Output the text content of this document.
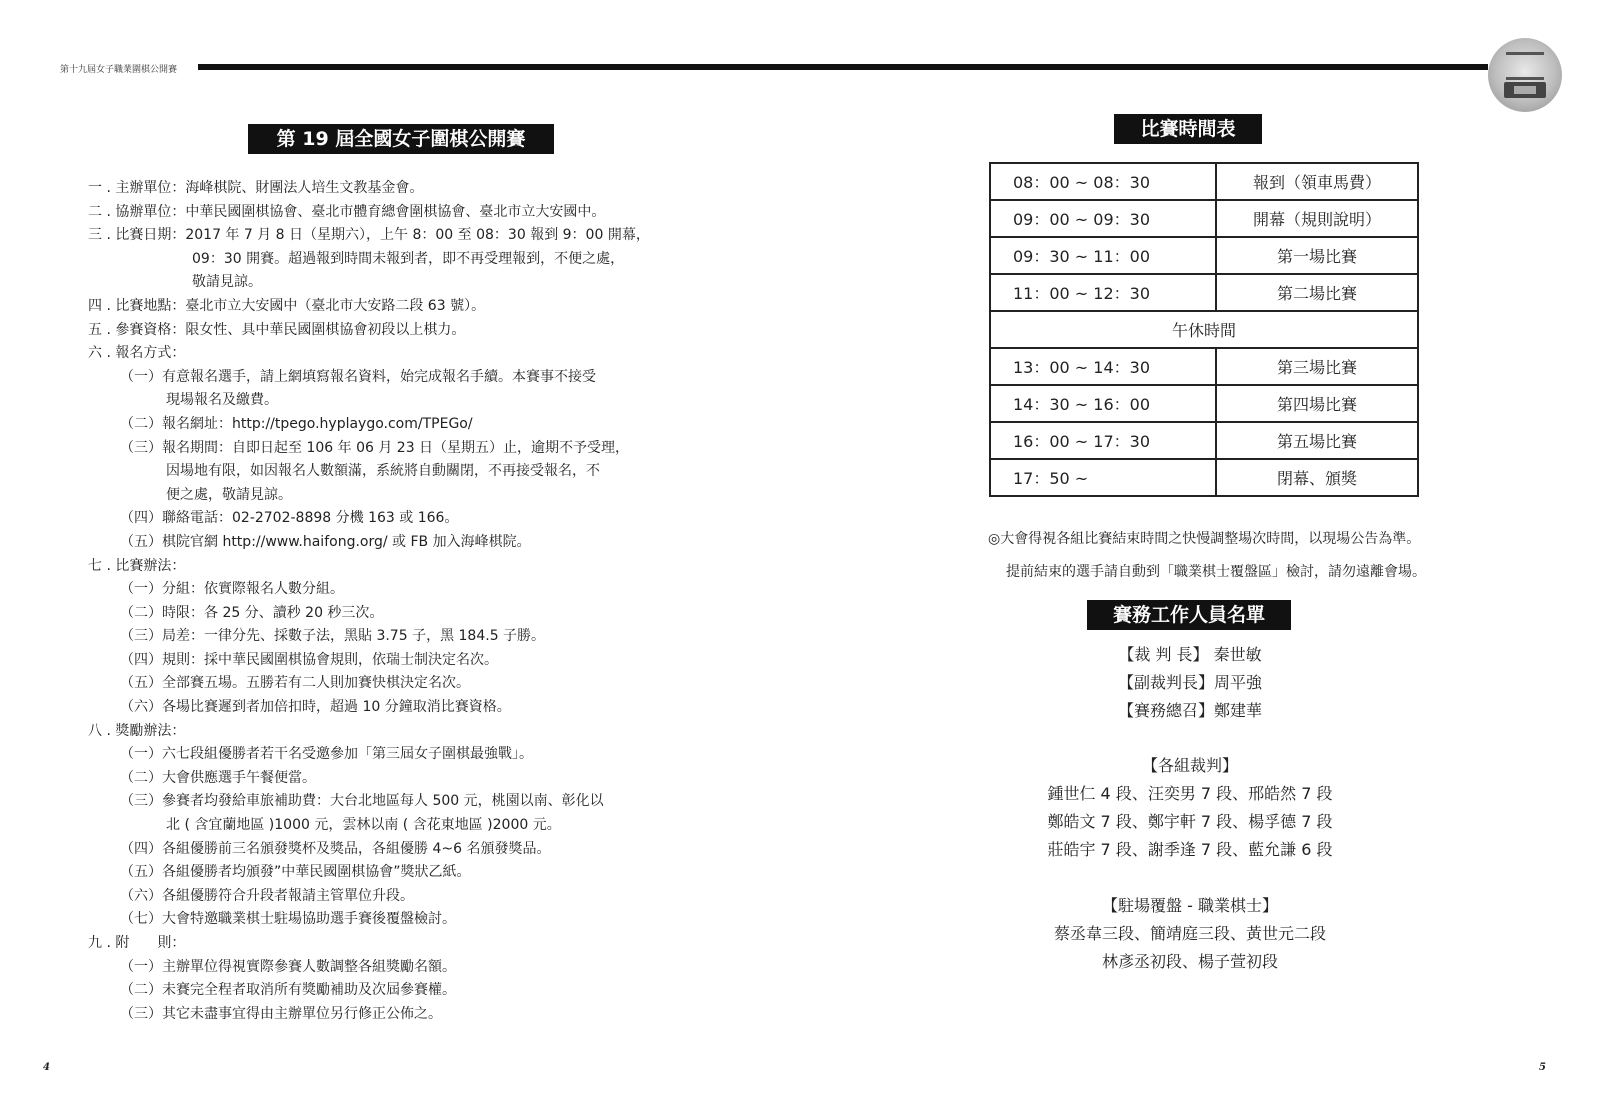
第十九屆女子職業圍棋公開賽
第 19 屆全國女子圍棋公開賽
一 . 主辦單位：海峰棋院、財團法人培生文教基金會。
二 . 協辦單位：中華民國圍棋協會、臺北市體育總會圍棋協會、臺北市立大安國中。
三 . 比賽日期：2017 年 7 月 8 日（星期六），上午 8：00 至 08：30 報到 9：00 開幕，
09：30 開賽。超過報到時間未報到者，即不再受理報到，不便之處，
敬請見諒。
四 . 比賽地點：臺北市立大安國中（臺北市大安路二段 63 號）。
五 . 參賽資格：限女性、具中華民國圍棋協會初段以上棋力。
六 . 報名方式：
（一）有意報名選手，請上網填寫報名資料，始完成報名手續。本賽事不接受
現場報名及繳費。
（二）報名網址：http://tpego.hyplaygo.com/TPEGo/
（三）報名期間：自即日起至 106 年 06 月 23 日（星期五）止，逾期不予受理，
因場地有限，如因報名人數額滿，系統將自動關閉，不再接受報名，不
便之處，敬請見諒。
（四）聯絡電話：02-2702-8898 分機 163 或 166。
（五）棋院官網 http://www.haifong.org/ 或 FB 加入海峰棋院。
七 . 比賽辦法：
（一）分組：依實際報名人數分組。
（二）時限：各 25 分、讀秒 20 秒三次。
（三）局差：一律分先、採數子法，黑貼 3.75 子，黑 184.5 子勝。
（四）規則：採中華民國圍棋協會規則，依瑞士制決定名次。
（五）全部賽五場。五勝若有二人則加賽快棋決定名次。
（六）各場比賽遲到者加倍扣時，超過 10 分鐘取消比賽資格。
八 . 獎勵辦法：
（一）六七段組優勝者若干名受邀參加「第三屆女子圍棋最強戰」。
（二）大會供應選手午餐便當。
（三）參賽者均發給車旅補助費：大台北地區每人 500 元，桃園以南、彰化以
北 ( 含宜蘭地區 )1000 元，雲林以南 ( 含花東地區 )2000 元。
（四）各組優勝前三名頒發獎杯及獎品，各組優勝 4~6 名頒發獎品。
（五）各組優勝者均頒發”中華民國圍棋協會”獎狀乙紙。
（六）各組優勝符合升段者報請主管單位升段。
（七）大會特邀職業棋士駐場協助選手賽後覆盤檢討。
九 . 附　　則：
（一）主辦單位得視實際參賽人數調整各組獎勵名額。
（二）未賽完全程者取消所有獎勵補助及次屆參賽權。
（三）其它未盡事宜得由主辦單位另行修正公佈之。
4
比賽時間表
08：00 ~ 08：30	報到（領車馬費）
09：00 ~ 09：30	開幕（規則說明）
09：30 ~ 11：00	第一場比賽
11：00 ~ 12：30	第二場比賽
午休時間	
13：00 ~ 14：30	第三場比賽
14：30 ~ 16：00	第四場比賽
16：00 ~ 17：30	第五場比賽
17：50 ~	閉幕、頒獎
◎大會得視各組比賽結束時間之快慢調整場次時間，以現場公告為準。
提前結束的選手請自動到「職業棋士覆盤區」檢討，請勿遠離會場。
賽務工作人員名單
【裁 判 長】 秦世敏
【副裁判長】周平強
【賽務總召】鄭建華
【各組裁判】
鍾世仁 4 段、汪奕男 7 段、邢皓然 7 段
鄭皓文 7 段、鄭宇軒 7 段、楊孚德 7 段
莊皓宇 7 段、謝季逢 7 段、藍允謙 6 段
【駐場覆盤 - 職業棋士】
蔡丞韋三段、簡靖庭三段、黃世元二段
林彥丞初段、楊子萱初段
5
